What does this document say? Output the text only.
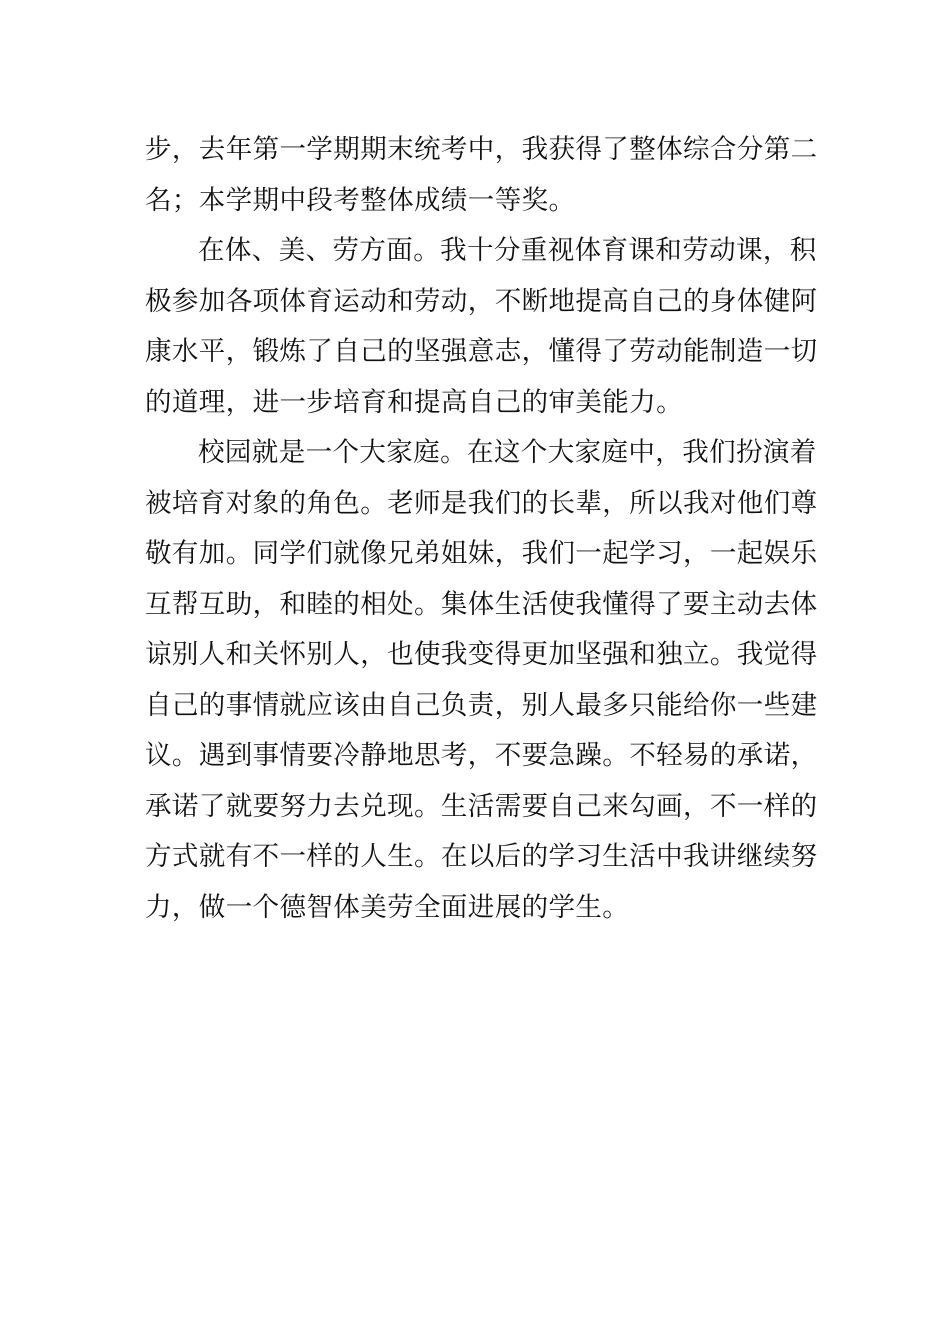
步，去年第一学期期末统考中，我获得了整体综合分第二
名；本学期中段考整体成绩一等奖。
在体、美、劳方面。我十分重视体育课和劳动课，积
极参加各项体育运动和劳动，不断地提高自己的身体健阿
康水平，锻炼了自己的坚强意志，懂得了劳动能制造一切
的道理，进一步培育和提高自己的审美能力。
校园就是一个大家庭。在这个大家庭中，我们扮演着
被培育对象的角色。老师是我们的长辈，所以我对他们尊
敬有加。同学们就像兄弟姐妹，我们一起学习，一起娱乐
互帮互助，和睦的相处。集体生活使我懂得了要主动去体
谅别人和关怀别人，也使我变得更加坚强和独立。我觉得
自己的事情就应该由自己负责，别人最多只能给你一些建
议。遇到事情要冷静地思考，不要急躁。不轻易的承诺，
承诺了就要努力去兑现。生活需要自己来勾画，不一样的
方式就有不一样的人生。在以后的学习生活中我讲继续努
力，做一个德智体美劳全面进展的学生。
